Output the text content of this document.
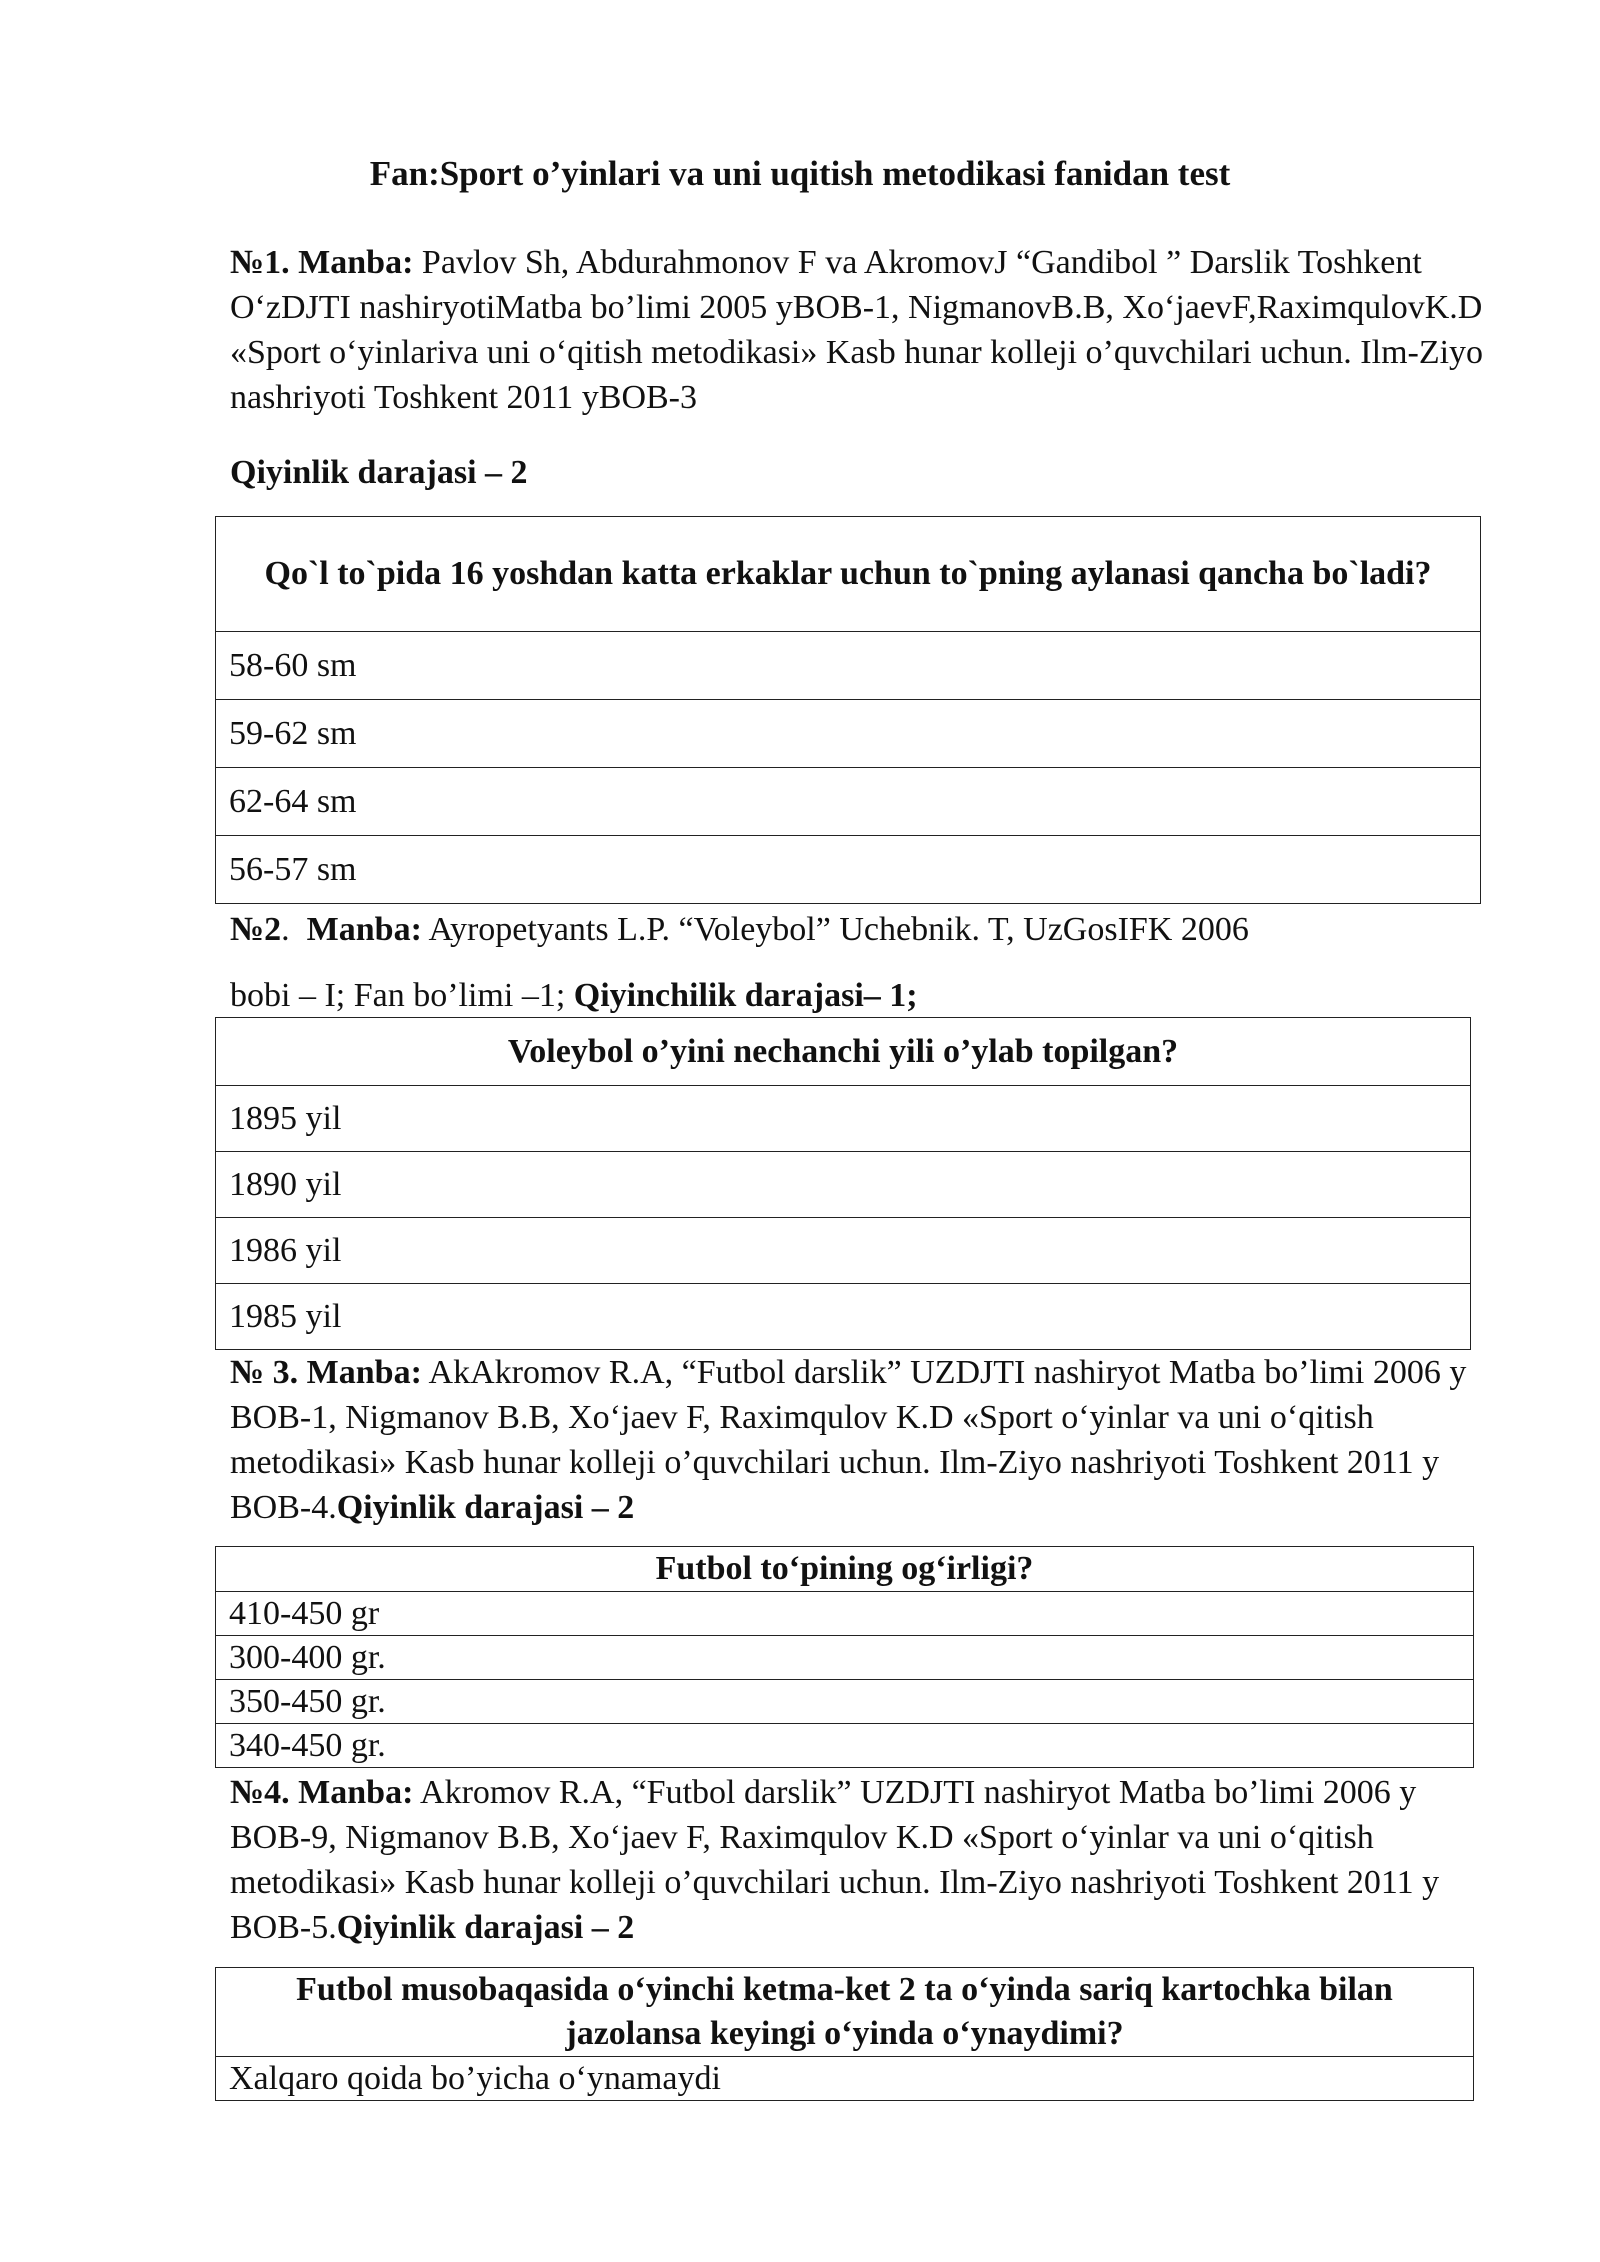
Fan:Sport o’yinlari va uni uqitish metodikasi fanidan test

№1. Manba: Pavlov Sh, Abdurahmonov F va AkromovJ “Gandibol ” Darslik Toshkent O‘zDJTI nashiryotiMatba bo’limi 2005 yBOB-1, NigmanovB.B, Xo‘jaevF,RaximqulovK.D «Sport o‘yinlariva uni o‘qitish metodikasi» Kasb hunar kolleji o’quvchilari uchun. Ilm-Ziyo nashriyoti Toshkent 2011 yBOB-3

Qiyinlik darajasi – 2

Qo`l to`pida 16 yoshdan katta erkaklar uchun to`pning aylanasi qancha bo`ladi?
58-60 sm
59-62 sm
62-64 sm
56-57 sm

№2.  Manba: Ayropetyants L.P. “Voleybol” Uchebnik. T, UzGosIFK 2006

bobi – I; Fan bo’limi –1; Qiyinchilik darajasi– 1;

Voleybol o’yini nechanchi yili o’ylab topilgan?
1895 yil
1890 yil
1986 yil
1985 yil

№ 3. Manba: AkAkromov R.A, “Futbol darslik” UZDJTI nashiryot Matba bo’limi 2006 y BOB-1, Nigmanov B.B, Xo‘jaev F, Raximqulov K.D «Sport o‘yinlar va uni o‘qitish metodikasi» Kasb hunar kolleji o’quvchilari uchun. Ilm-Ziyo nashriyoti Toshkent 2011 y BOB-4.Qiyinlik darajasi – 2

Futbol to‘pining og‘irligi?
410-450 gr
300-400 gr.
350-450 gr.
340-450 gr.

№4. Manba: Akromov R.A, “Futbol darslik” UZDJTI nashiryot Matba bo’limi 2006 y BOB-9, Nigmanov B.B, Xo‘jaev F, Raximqulov K.D «Sport o‘yinlar va uni o‘qitish metodikasi» Kasb hunar kolleji o’quvchilari uchun. Ilm-Ziyo nashriyoti Toshkent 2011 y BOB-5.Qiyinlik darajasi – 2

Futbol musobaqasida o‘yinchi ketma-ket 2 ta o‘yinda sariq kartochka bilan jazolansa keyingi o‘yinda o‘ynaydimi?
Xalqaro qoida bo’yicha o‘ynamaydi
